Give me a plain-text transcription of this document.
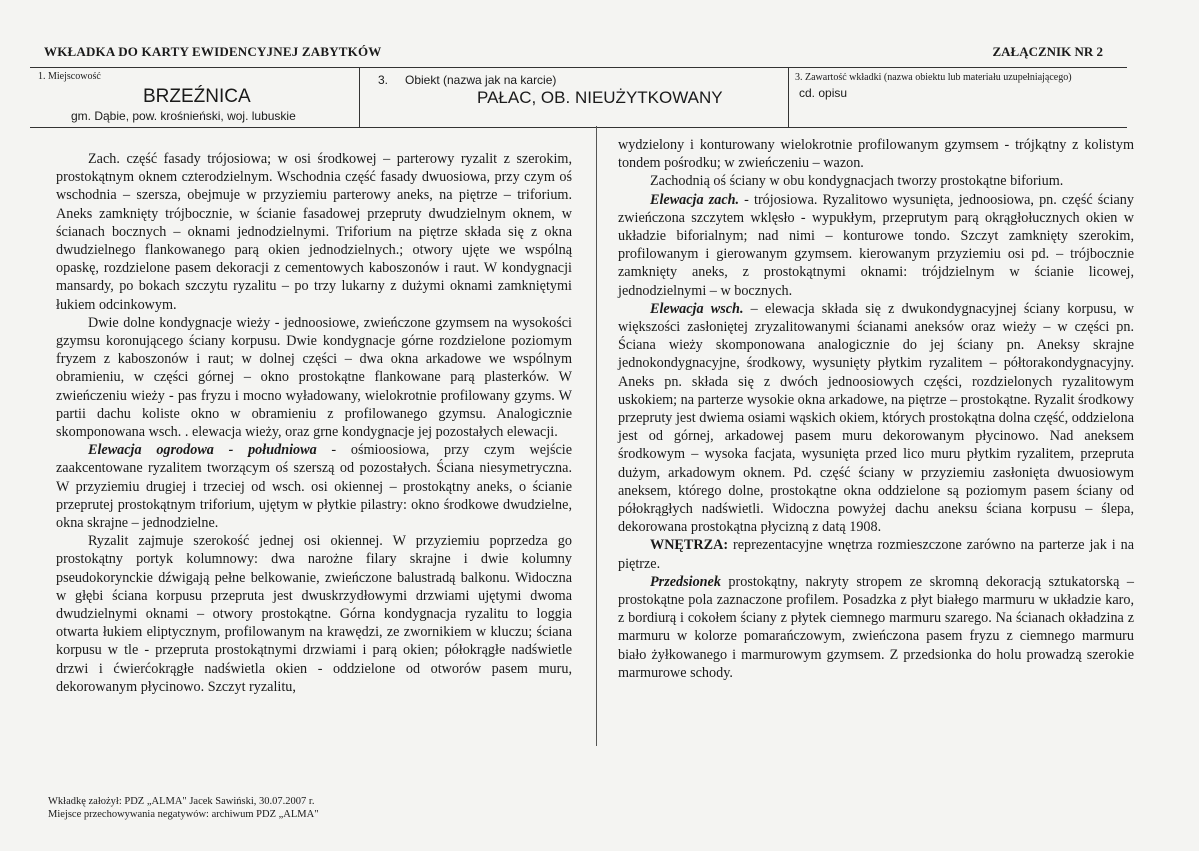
WKŁADKA DO KARTY EWIDENCYJNEJ ZABYTKÓW	ZAŁĄCZNIK NR 2
1. Miejscowość
BRZEŹNICA
gm. Dąbie, pow. krośnieński, woj. lubuskie
3. Obiekt (nazwa jak na karcie)
PAŁAC, OB. NIEUŻYTKOWANY
3. Zawartość wkładki (nazwa obiektu lub materiału uzupełniającego)
cd. opisu

Zach. część fasady trójosiowa; w osi środkowej – parterowy ryzalit z szerokim, prostokątnym oknem czterodzielnym. Wschodnia część fasady dwuosiowa, przy czym oś wschodnia – szersza, obejmuje w przyziemiu parterowy aneks, na piętrze – triforium. Aneks zamknięty trójbocznie, w ścianie fasadowej przepruty dwudzielnym oknem, w ścianach bocznych – oknami jednodzielnymi. Triforium na piętrze składa się z okna dwudzielnego flankowanego parą okien jednodzielnych.; otwory ujęte we wspólną opaskę, rozdzielone pasem dekoracji z cementowych kaboszonów i raut. W kondygnacji mansardy, po bokach szczytu ryzalitu – po trzy lukarny z dużymi oknami zamkniętymi łukiem odcinkowym.

Dwie dolne kondygnacje wieży - jednoosiowe, zwieńczone gzymsem na wysokości gzymsu koronującego ściany korpusu. Dwie kondygnacje górne rozdzielone poziomym fryzem z kaboszonów i raut; w dolnej części – dwa okna arkadowe we wspólnym obramieniu, w części górnej – okno prostokątne flankowane parą plasterków. W zwieńczeniu wieży - pas fryzu i mocno wyładowany, wielokrotnie profilowany gzyms. W partii dachu koliste okno w obramieniu z profilowanego gzymsu. Analogicznie skomponowana wsch. . elewacja wieży, oraz grne kondygnacje jej pozostałych elewacji.

Elewacja ogrodowa - południowa - ośmioosiowa, przy czym wejście zaakcentowane ryzalitem tworzącym oś szerszą od pozostałych. Ściana niesymetryczna. W przyziemiu drugiej i trzeciej od wsch. osi okiennej – prostokątny aneks, o ścianie przeprutej prostokątnym triforium, ujętym w płytkie pilastry: okno środkowe dwudzielne, okna skrajne – jednodzielne.

Ryzalit zajmuje szerokość jednej osi okiennej. W przyziemiu poprzedza go prostokątny portyk kolumnowy: dwa narożne filary skrajne i dwie kolumny pseudokorynckie dźwigają pełne belkowanie, zwieńczone balustradą balkonu. Widoczna w głębi ściana korpusu przepruta jest dwuskrzydłowymi drzwiami ujętymi dwoma dwudzielnymi oknami – otwory prostokątne. Górna kondygnacja ryzalitu to loggia otwarta łukiem eliptycznym, profilowanym na krawędzi, ze zwornikiem w kluczu; ściana korpusu w tle - przepruta prostokątnymi drzwiami i parą okien; półokrągłe nadświetle drzwi i ćwierćokrągłe nadświetla okien - oddzielone od otworów pasem muru, dekorowanym płycinowo. Szczyt ryzalitu,

wydzielony i konturowany wielokrotnie profilowanym gzymsem - trójkątny z kolistym tondem pośrodku; w zwieńczeniu – wazon.

Zachodnią oś ściany w obu kondygnacjach tworzy prostokątne biforium.

Elewacja zach. - trójosiowa. Ryzalitowo wysunięta, jednoosiowa, pn. część ściany zwieńczona szczytem wklęsło - wypukłym, przeprutym parą okrągłołucznych okien w układzie biforialnym; nad nimi – konturowe tondo. Szczyt zamknięty szerokim, profilowanym i gierowanym gzymsem. kierowanym przyziemiu osi pd. – trójbocznie zamknięty aneks, z prostokątnymi oknami: trójdzielnym w ścianie licowej, jednodzielnymi – w bocznych.

Elewacja wsch. – elewacja składa się z dwukondygnacyjnej ściany korpusu, w większości zasłoniętej zryzalitowanymi ścianami aneksów oraz wieży – w części pn. Ściana wieży skomponowana analogicznie do jej ściany pn. Aneksy skrajne jednokondygnacyjne, środkowy, wysunięty płytkim ryzalitem – półtorakondygnacyjny. Aneks pn. składa się z dwóch jednoosiowych części, rozdzielonych ryzalitowym uskokiem; na parterze wysokie okna arkadowe, na piętrze – prostokątne. Ryzalit środkowy przepruty jest dwiema osiami wąskich okiem, których prostokątna dolna część, oddzielona jest od górnej, arkadowej pasem muru dekorowanym płycinowo. Nad aneksem środkowym – wysoka facjata, wysunięta przed lico muru płytkim ryzalitem, przepruta dużym, arkadowym oknem. Pd. część ściany w przyziemiu zasłonięta dwuosiowym aneksem, którego dolne, prostokątne okna oddzielone są poziomym pasem ściany od półokrągłych nadświetli. Widoczna powyżej dachu aneksu ściana korpusu – ślepa, dekorowana prostokątna płycizną z datą 1908.

WNĘTRZA: reprezentacyjne wnętrza rozmieszczone zarówno na parterze jak i na piętrze.

Przedsionek prostokątny, nakryty stropem ze skromną dekoracją sztukatorską – prostokątne pola zaznaczone profilem. Posadzka z płyt białego marmuru w układzie karo, z bordiurą i cokołem ściany z płytek ciemnego marmuru szarego. Na ścianach okładzina z marmuru w kolorze pomarańczowym, zwieńczona pasem fryzu z ciemnego marmuru biało żyłkowanego i marmurowym gzymsem. Z przedsionka do holu prowadzą szerokie marmurowe schody.

Wkładkę założył: PDZ „ALMA" Jacek Sawiński, 30.07.2007 r.
Miejsce przechowywania negatywów: archiwum PDZ „ALMA"
